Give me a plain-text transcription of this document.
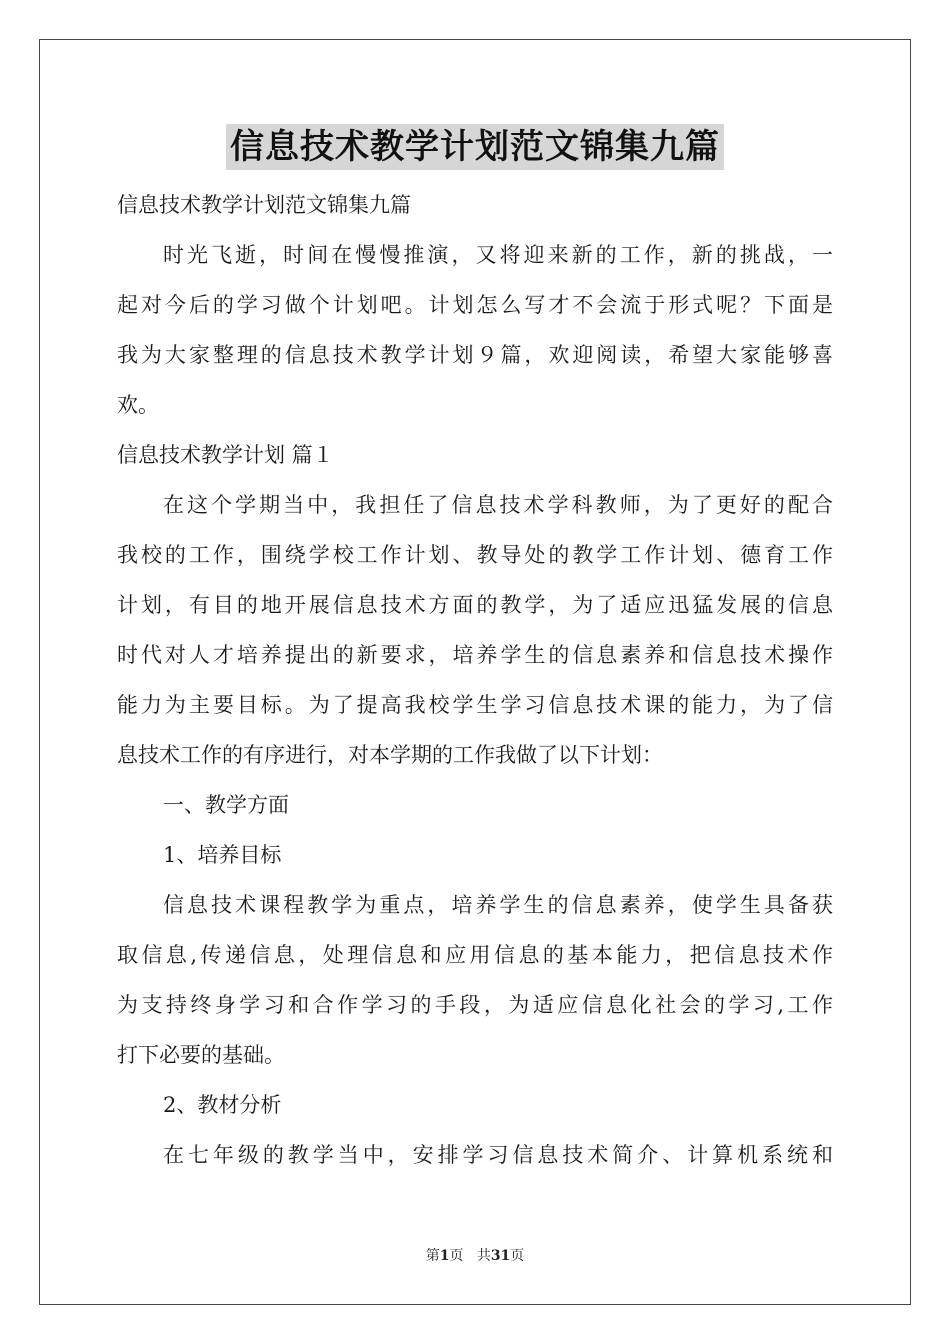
信息技术教学计划范文锦集九篇

信息技术教学计划范文锦集九篇

时光飞逝，时间在慢慢推演，又将迎来新的工作，新的挑战，一

起对今后的学习做个计划吧。计划怎么写才不会流于形式呢？下面是

我为大家整理的信息技术教学计划９篇，欢迎阅读，希望大家能够喜

欢。

信息技术教学计划 篇１

在这个学期当中，我担任了信息技术学科教师，为了更好的配合

我校的工作，围绕学校工作计划、教导处的教学工作计划、德育工作

计划，有目的地开展信息技术方面的教学，为了适应迅猛发展的信息

时代对人才培养提出的新要求，培养学生的信息素养和信息技术操作

能力为主要目标。为了提高我校学生学习信息技术课的能力，为了信

息技术工作的有序进行，对本学期的工作我做了以下计划：

一、教学方面

1、培养目标

信息技术课程教学为重点，培养学生的信息素养，使学生具备获

取信息,传递信息，处理信息和应用信息的基本能力，把信息技术作

为支持终身学习和合作学习的手段，为适应信息化社会的学习,工作

打下必要的基础。

2、教材分析

在七年级的教学当中，安排学习信息技术简介、计算机系统和

第1页 共31页
